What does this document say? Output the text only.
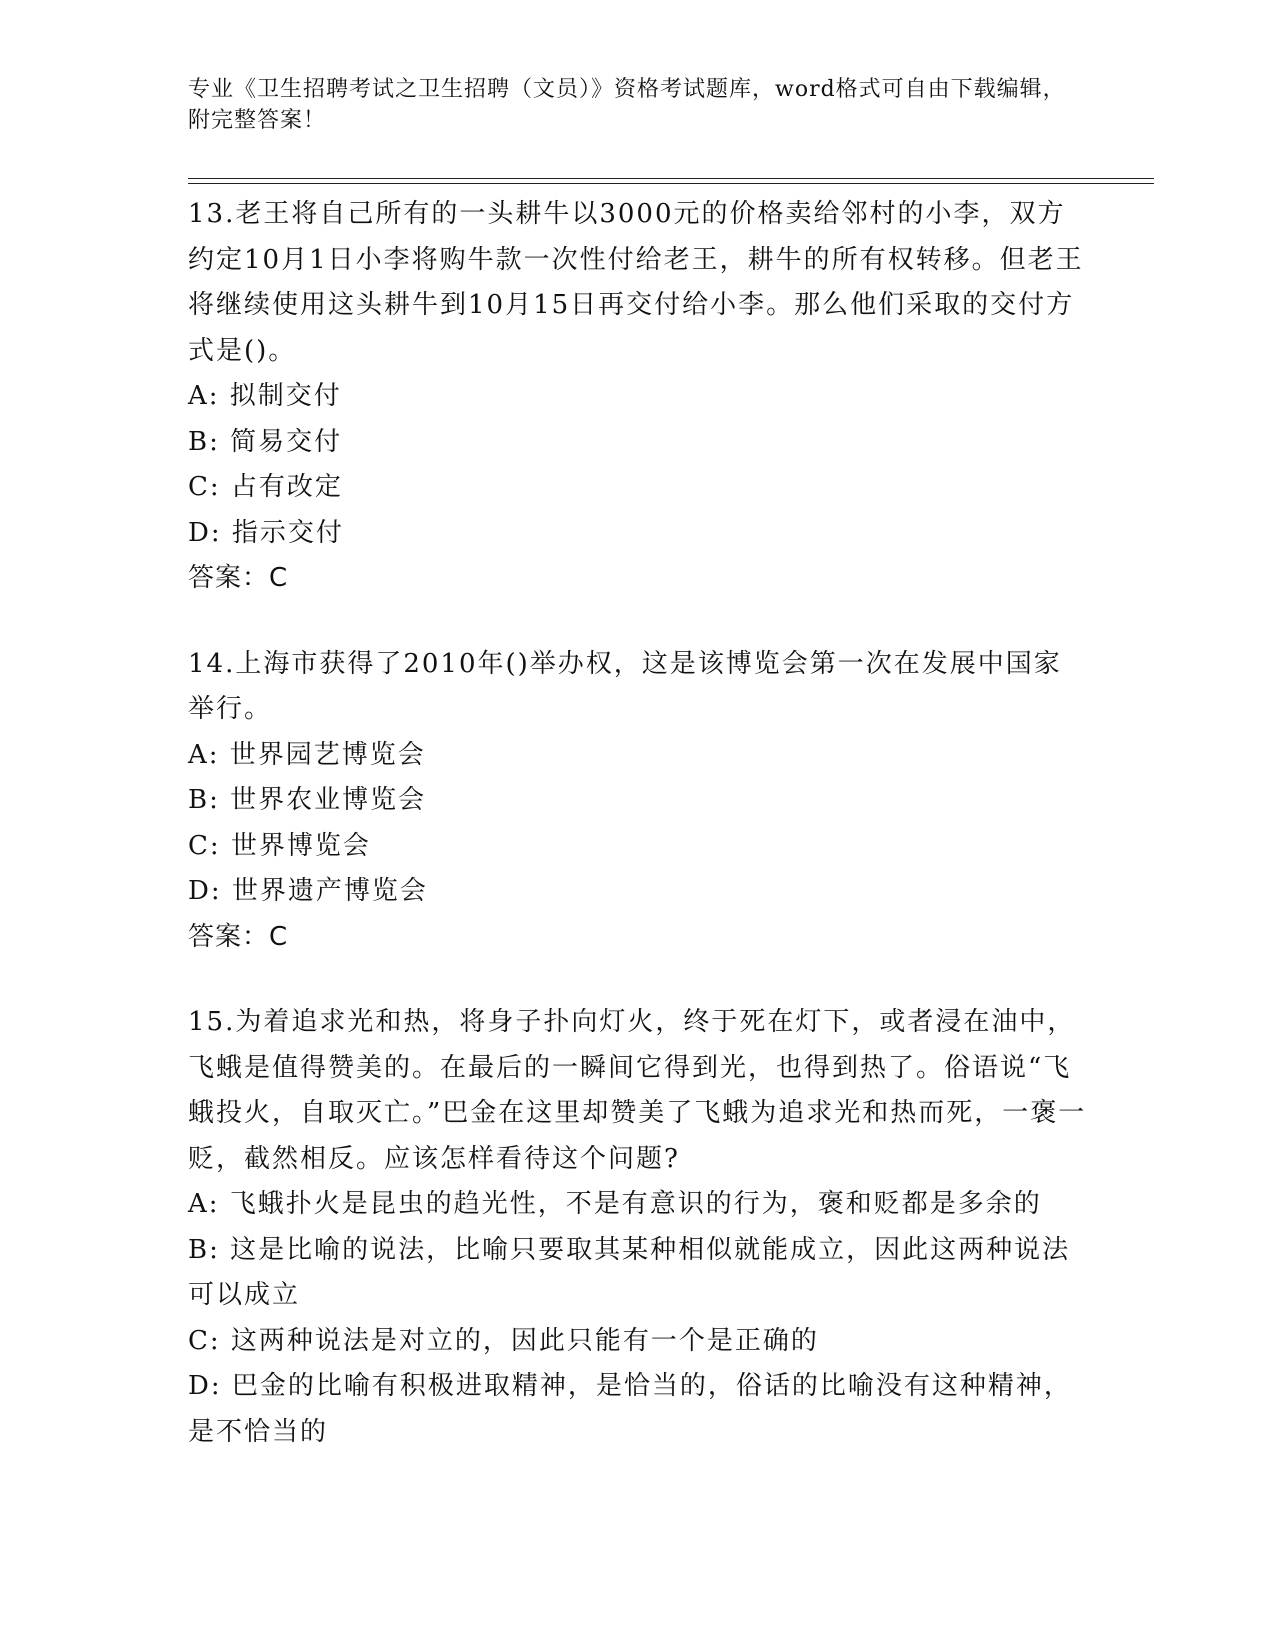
专业《卫生招聘考试之卫生招聘（文员）》资格考试题库，word格式可自由下载编辑，附完整答案！
13.老王将自己所有的一头耕牛以3000元的价格卖给邻村的小李，双方约定10月1日小李将购牛款一次性付给老王，耕牛的所有权转移。但老王将继续使用这头耕牛到10月15日再交付给小李。那么他们采取的交付方式是()。
A: 拟制交付
B: 简易交付
C: 占有改定
D: 指示交付
答案：C
14.上海市获得了2010年()举办权，这是该博览会第一次在发展中国家举行。
A: 世界园艺博览会
B: 世界农业博览会
C: 世界博览会
D: 世界遗产博览会
答案：C
15.为着追求光和热，将身子扑向灯火，终于死在灯下，或者浸在油中，飞蛾是值得赞美的。在最后的一瞬间它得到光，也得到热了。俗语说“飞蛾投火，自取灭亡。”巴金在这里却赞美了飞蛾为追求光和热而死，一褒一贬，截然相反。应该怎样看待这个问题?
A: 飞蛾扑火是昆虫的趋光性，不是有意识的行为，褒和贬都是多余的
B: 这是比喻的说法，比喻只要取其某种相似就能成立，因此这两种说法可以成立
C: 这两种说法是对立的，因此只能有一个是正确的
D: 巴金的比喻有积极进取精神，是恰当的，俗话的比喻没有这种精神，是不恰当的
